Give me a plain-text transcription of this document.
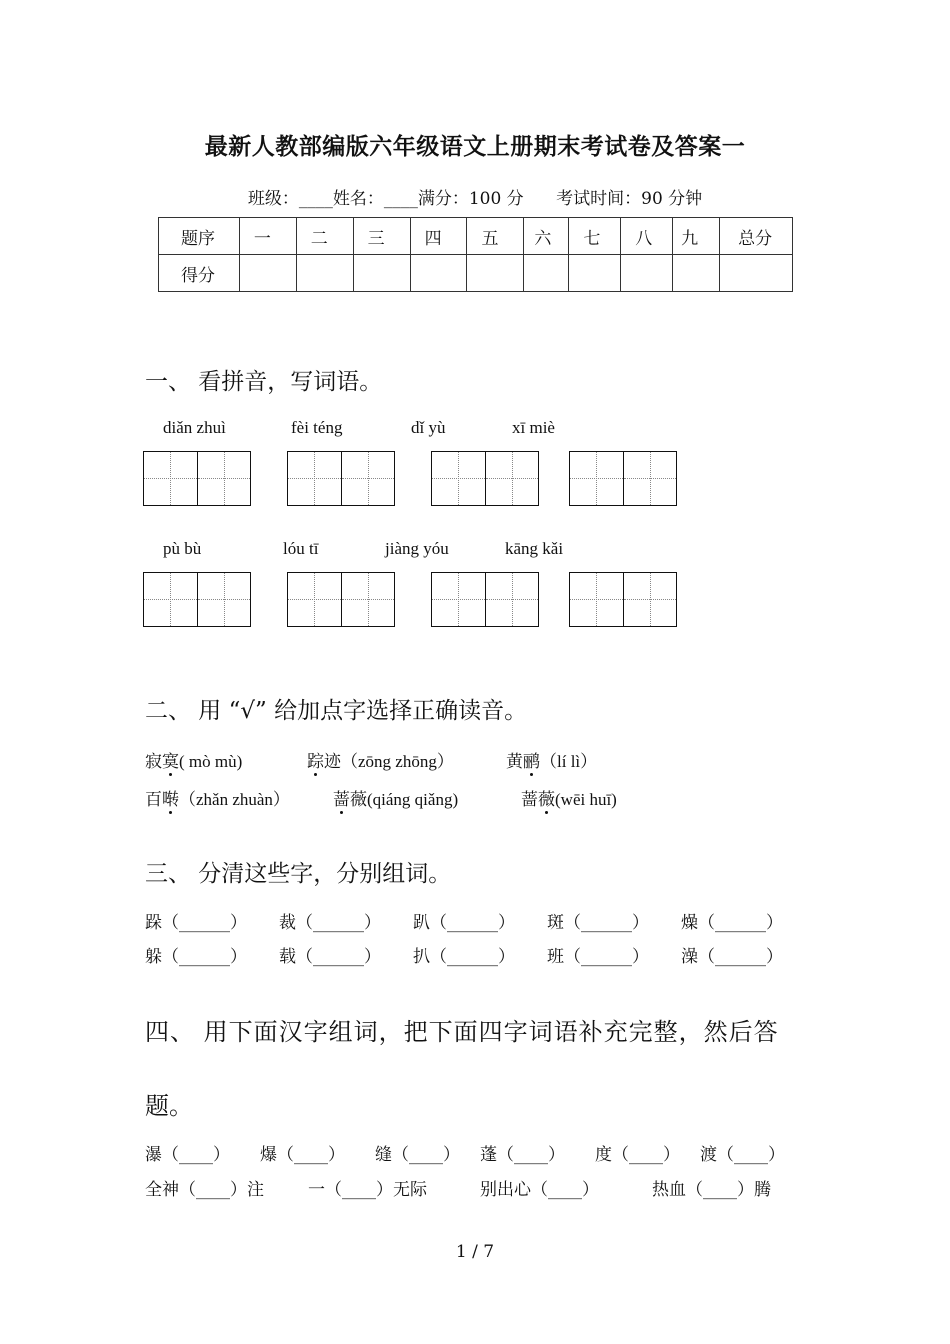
最新人教部编版六年级语文上册期末考试卷及答案一
班级：____姓名：____满分：100 分 考试时间：90 分钟
题序	一	二	三	四	五	六	七	八	九	总分
得分										
一、 看拼音，写词语。
diǎn zhuì	fèi téng	dǐ yù	xī miè
pù bù	lóu tī	jiàng yóu	kāng kǎi
二、 用 “√” 给加点字选择正确读音。
寂寞( mò mù)	踪迹（zōng zhōng）	黄鹂（lí lì）
百啭（zhǎn zhuàn）	蔷薇(qiáng qiǎng)	蔷薇(wēi huī)
三、 分清这些字，分别组词。
跺（______） 裁（______） 趴（______） 斑（______） 燥（______）
躲（______） 载（______） 扒（______） 班（______） 澡（______）
四、 用下面汉字组词，把下面四字词语补充完整，然后答
题。
瀑（____） 爆（____） 缝（____） 蓬（____） 度（____） 渡（____）
全神（____）注	一（____）无际	别出心（____）	热血（____）腾
1 / 7
